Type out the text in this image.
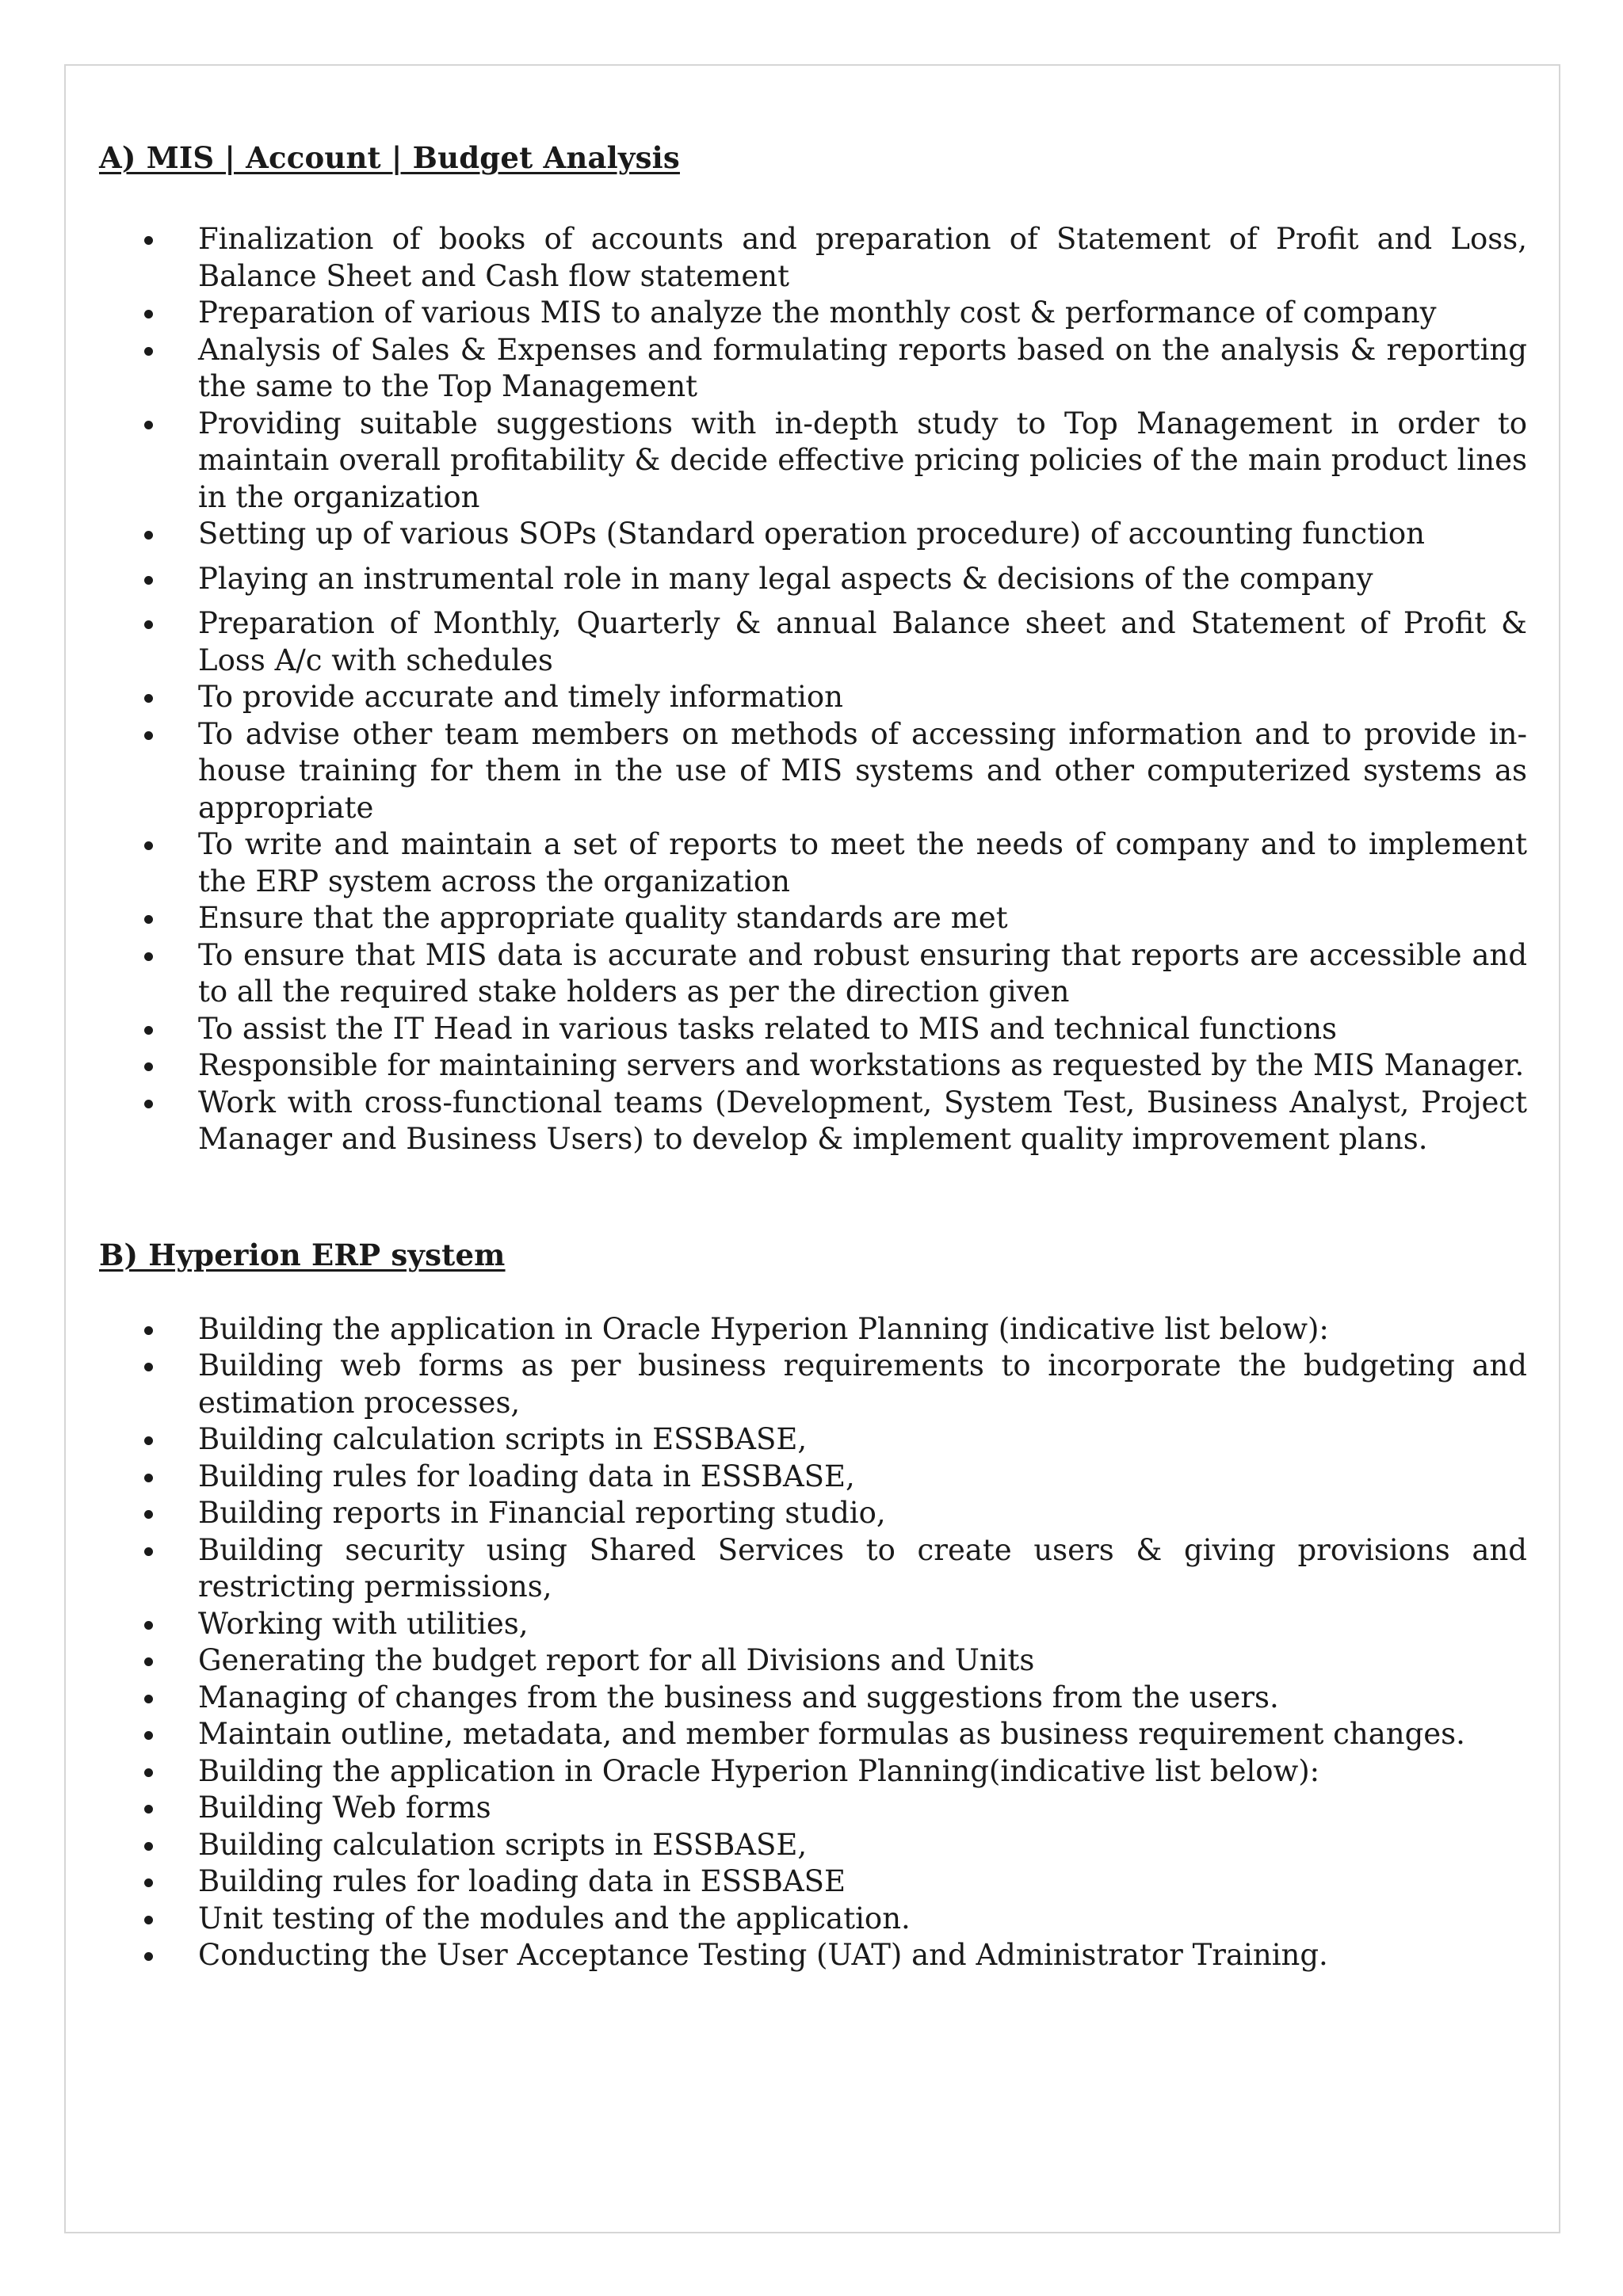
A) MIS | Account | Budget Analysis
Finalization of books of accounts and preparation of Statement of Profit and Loss, Balance Sheet and Cash flow statement
Preparation of various MIS to analyze the monthly cost & performance of company
Analysis of Sales & Expenses and formulating reports based on the analysis & reporting the same to the Top Management
Providing suitable suggestions with in-depth study to Top Management in order to maintain overall profitability & decide effective pricing policies of the main product lines in the organization
Setting up of various SOPs (Standard operation procedure) of accounting function
Playing an instrumental role in many legal aspects & decisions of the company
Preparation of Monthly, Quarterly & annual Balance sheet and Statement of Profit & Loss A/c with schedules
To provide accurate and timely information
To advise other team members on methods of accessing information and to provide in-house training for them in the use of MIS systems and other computerized systems as appropriate
To write and maintain a set of reports to meet the needs of company and to implement the ERP system across the organization
Ensure that the appropriate quality standards are met
To ensure that MIS data is accurate and robust ensuring that reports are accessible and to all the required stake holders as per the direction given
To assist the IT Head in various tasks related to MIS and technical functions
Responsible for maintaining servers and workstations as requested by the MIS Manager.
Work with cross-functional teams (Development, System Test, Business Analyst, Project Manager and Business Users) to develop & implement quality improvement plans.
B) Hyperion ERP system
Building the application in Oracle Hyperion Planning (indicative list below):
Building web forms as per business requirements to incorporate the budgeting and estimation processes,
Building calculation scripts in ESSBASE,
Building rules for loading data in ESSBASE,
Building reports in Financial reporting studio,
Building security using Shared Services to create users & giving provisions and restricting permissions,
Working with utilities,
Generating the budget report for all Divisions and Units
Managing of changes from the business and suggestions from the users.
Maintain outline, metadata, and member formulas as business requirement changes.
Building the application in Oracle Hyperion Planning(indicative list below):
Building Web forms
Building calculation scripts in ESSBASE,
Building rules for loading data in ESSBASE
Unit testing of the modules and the application.
Conducting the User Acceptance Testing (UAT) and Administrator Training.
